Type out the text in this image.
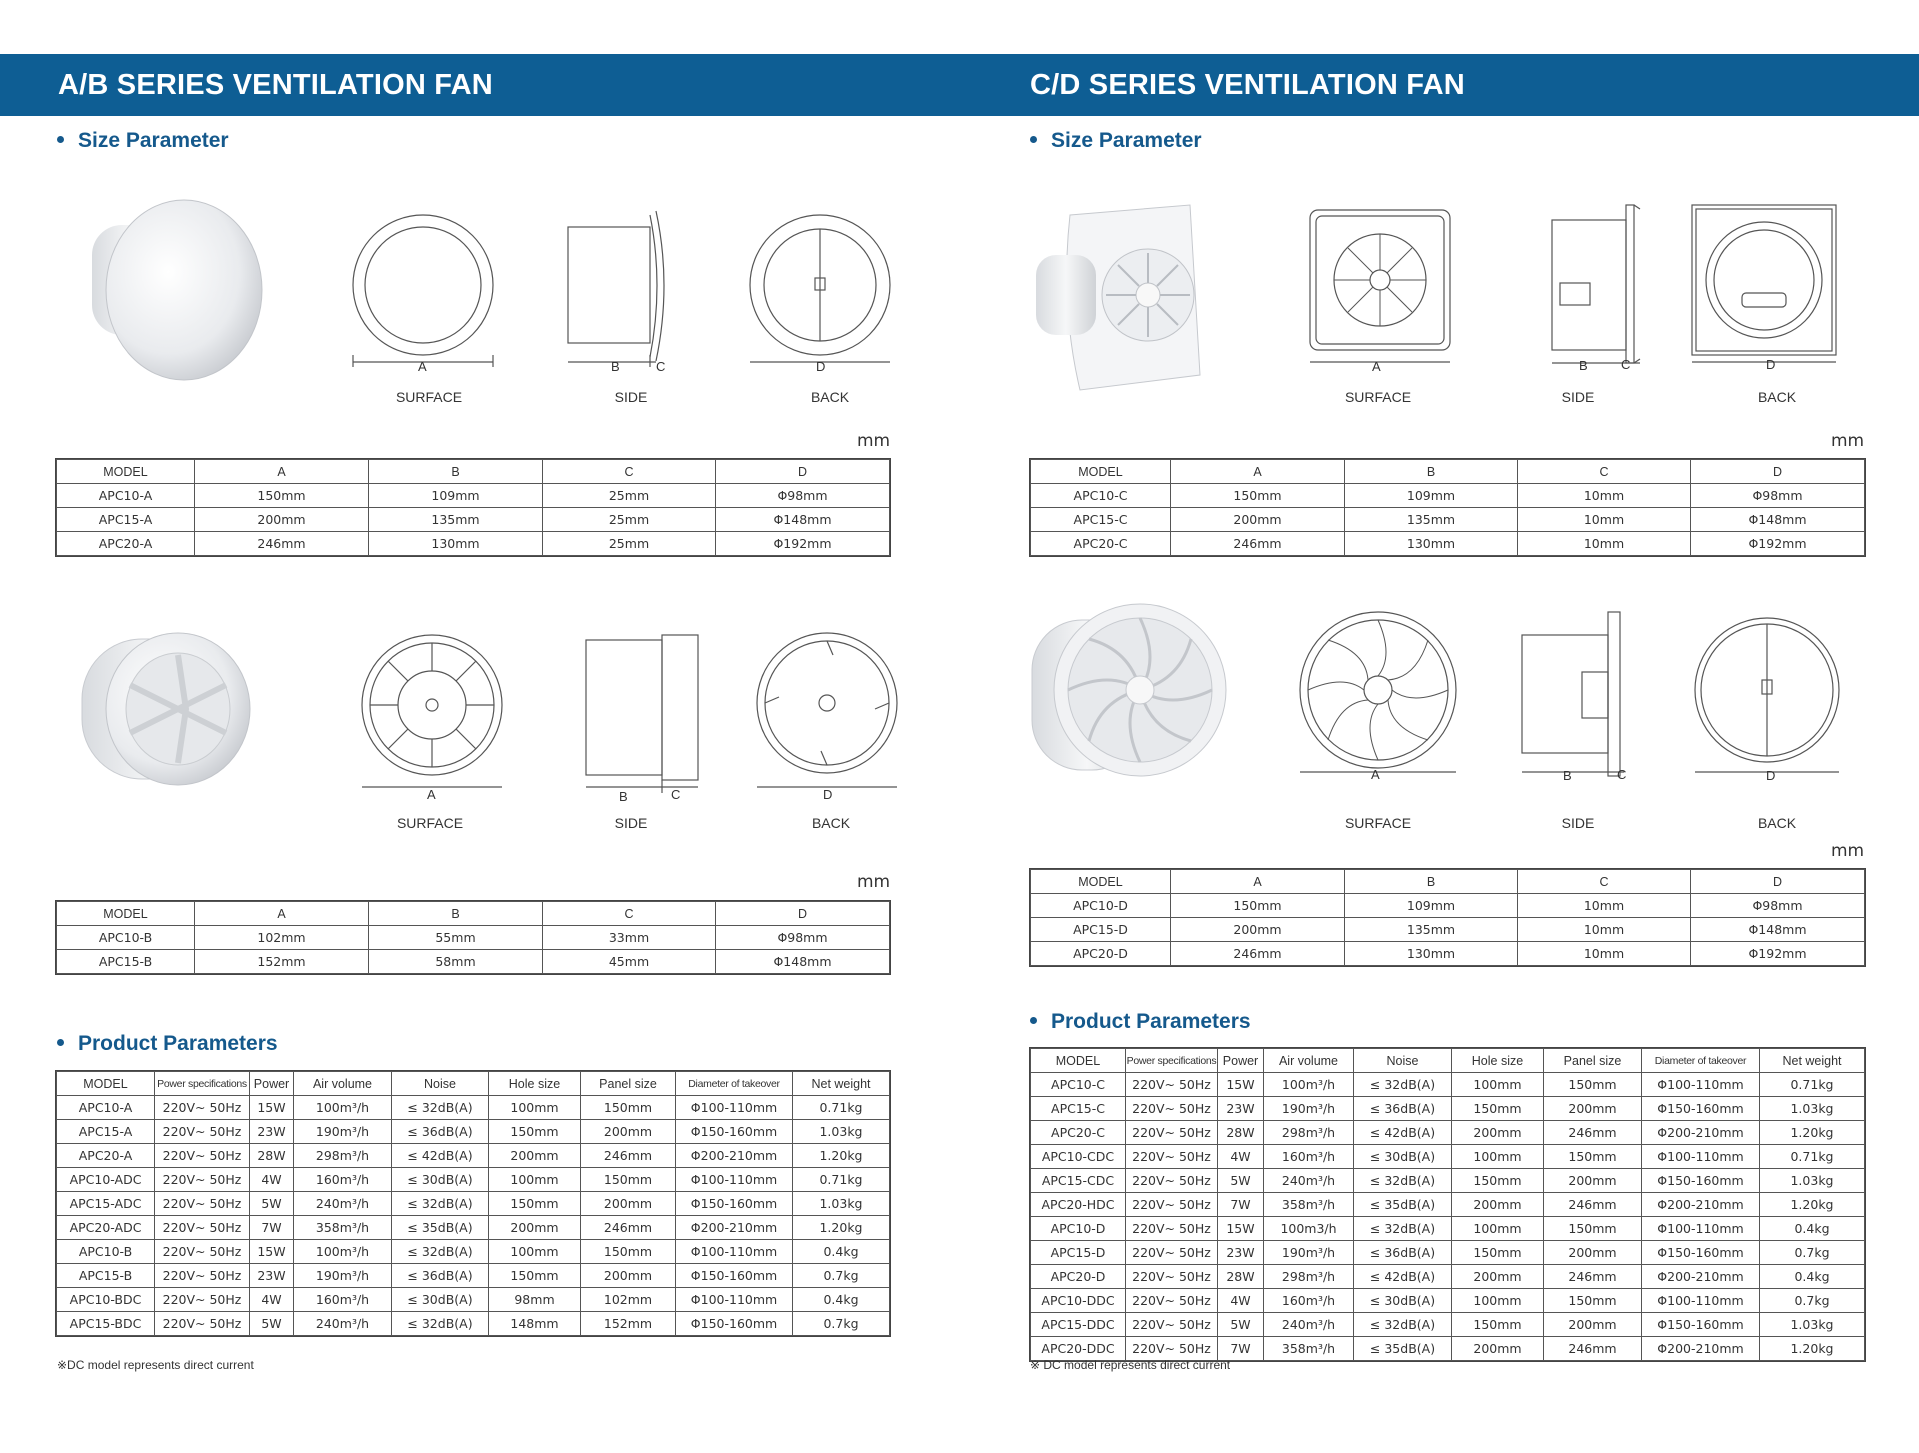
A/B SERIES VENTILATION FAN	C/D SERIES VENTILATION FAN
Size Parameter
A	B	C	D
SURFACE	SIDE	BACK
mm
MODEL	A	B	C	D
APC10-A	150mm	109mm	25mm	Φ98mm
APC15-A	200mm	135mm	25mm	Φ148mm
APC20-A	246mm	130mm	25mm	Φ192mm
A	B	C	D
SURFACE	SIDE	BACK
mm
MODEL	A	B	C	D
APC10-B	102mm	55mm	33mm	Φ98mm
APC15-B	152mm	58mm	45mm	Φ148mm
Product Parameters
MODEL	Power specifications	Power	Air volume	Noise	Hole size	Panel size	Diameter of takeover	Net weight
APC10-A	220V~ 50Hz	15W	100m³/h	≤ 32dB(A)	100mm	150mm	Φ100-110mm	0.71kg
APC15-A	220V~ 50Hz	23W	190m³/h	≤ 36dB(A)	150mm	200mm	Φ150-160mm	1.03kg
APC20-A	220V~ 50Hz	28W	298m³/h	≤ 42dB(A)	200mm	246mm	Φ200-210mm	1.20kg
APC10-ADC	220V~ 50Hz	4W	160m³/h	≤ 30dB(A)	100mm	150mm	Φ100-110mm	0.71kg
APC15-ADC	220V~ 50Hz	5W	240m³/h	≤ 32dB(A)	150mm	200mm	Φ150-160mm	1.03kg
APC20-ADC	220V~ 50Hz	7W	358m³/h	≤ 35dB(A)	200mm	246mm	Φ200-210mm	1.20kg
APC10-B	220V~ 50Hz	15W	100m³/h	≤ 32dB(A)	100mm	150mm	Φ100-110mm	0.4kg
APC15-B	220V~ 50Hz	23W	190m³/h	≤ 36dB(A)	150mm	200mm	Φ150-160mm	0.7kg
APC10-BDC	220V~ 50Hz	4W	160m³/h	≤ 30dB(A)	98mm	102mm	Φ100-110mm	0.4kg
APC15-BDC	220V~ 50Hz	5W	240m³/h	≤ 32dB(A)	148mm	152mm	Φ150-160mm	0.7kg
※DC model represents direct current
Size Parameter
A	B	C	D
SURFACE	SIDE	BACK
mm
MODEL	A	B	C	D
APC10-C	150mm	109mm	10mm	Φ98mm
APC15-C	200mm	135mm	10mm	Φ148mm
APC20-C	246mm	130mm	10mm	Φ192mm
A	B	C	D
SURFACE	SIDE	BACK
mm
MODEL	A	B	C	D
APC10-D	150mm	109mm	10mm	Φ98mm
APC15-D	200mm	135mm	10mm	Φ148mm
APC20-D	246mm	130mm	10mm	Φ192mm
Product Parameters
MODEL	Power specifications	Power	Air volume	Noise	Hole size	Panel size	Diameter of takeover	Net weight
APC10-C	220V~ 50Hz	15W	100m³/h	≤ 32dB(A)	100mm	150mm	Φ100-110mm	0.71kg
APC15-C	220V~ 50Hz	23W	190m³/h	≤ 36dB(A)	150mm	200mm	Φ150-160mm	1.03kg
APC20-C	220V~ 50Hz	28W	298m³/h	≤ 42dB(A)	200mm	246mm	Φ200-210mm	1.20kg
APC10-CDC	220V~ 50Hz	4W	160m³/h	≤ 30dB(A)	100mm	150mm	Φ100-110mm	0.71kg
APC15-CDC	220V~ 50Hz	5W	240m³/h	≤ 32dB(A)	150mm	200mm	Φ150-160mm	1.03kg
APC20-HDC	220V~ 50Hz	7W	358m³/h	≤ 35dB(A)	200mm	246mm	Φ200-210mm	1.20kg
APC10-D	220V~ 50Hz	15W	100m3/h	≤ 32dB(A)	100mm	150mm	Φ100-110mm	0.4kg
APC15-D	220V~ 50Hz	23W	190m³/h	≤ 36dB(A)	150mm	200mm	Φ150-160mm	0.7kg
APC20-D	220V~ 50Hz	28W	298m³/h	≤ 42dB(A)	200mm	246mm	Φ200-210mm	0.4kg
APC10-DDC	220V~ 50Hz	4W	160m³/h	≤ 30dB(A)	100mm	150mm	Φ100-110mm	0.7kg
APC15-DDC	220V~ 50Hz	5W	240m³/h	≤ 32dB(A)	150mm	200mm	Φ150-160mm	1.03kg
APC20-DDC	220V~ 50Hz	7W	358m³/h	≤ 35dB(A)	200mm	246mm	Φ200-210mm	1.20kg
※ DC model represents direct current
